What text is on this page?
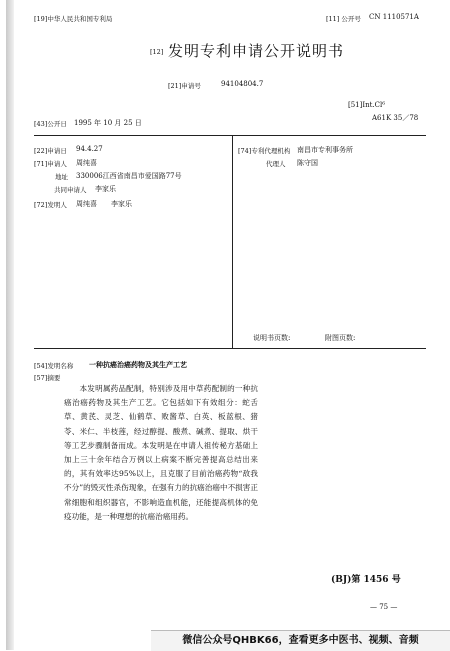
[19]中华人民共和国专利局	[11] 公开号 CN 1110571A
[12] 发明专利申请公开说明书
[21]申请号	94104804.7
[51]Int.Cl⁶
A61K 35／78
[43]公开日 1995 年 10 月 25 日
[22]申请日 94.4.27
[71]申请人 周纯喜
地址 330006江西省南昌市爱国路77号
共同申请人 李家乐
[72]发明人 周纯喜　　李家乐
[74]专利代理机构 南昌市专利事务所
代理人 陈守国
说明书页数:	附图页数:
[54]发明名称 一种抗癌治癌药物及其生产工艺
[57]摘要
　　本发明属药品配制，特别涉及用中草药配制的一种抗癌治癌药物及其生产工艺。它包括如下有效组分：蛇舌草、黄芪、灵芝、仙鹤草、败酱草、白英、板蓝根、猪苓、米仁、半枝莲，经过醇提、酸煮、碱煮、提取、烘干等工艺步骤制备而成。本发明是在申请人祖传秘方基础上加上三十余年结合万例以上病案不断完善提高总结出来的，其有效率达95%以上，且克服了目前治癌药物“敌我不分”的毁灭性杀伤现象，在强有力的抗癌治癌中不损害正常细胞和组织器官，不影响造血机能，还能提高机体的免疫功能，是一种理想的抗癌治癌用药。
(BJ)第 1456 号
— 75 —
微信公众号QHBK66，查看更多中医书、视频、音频
